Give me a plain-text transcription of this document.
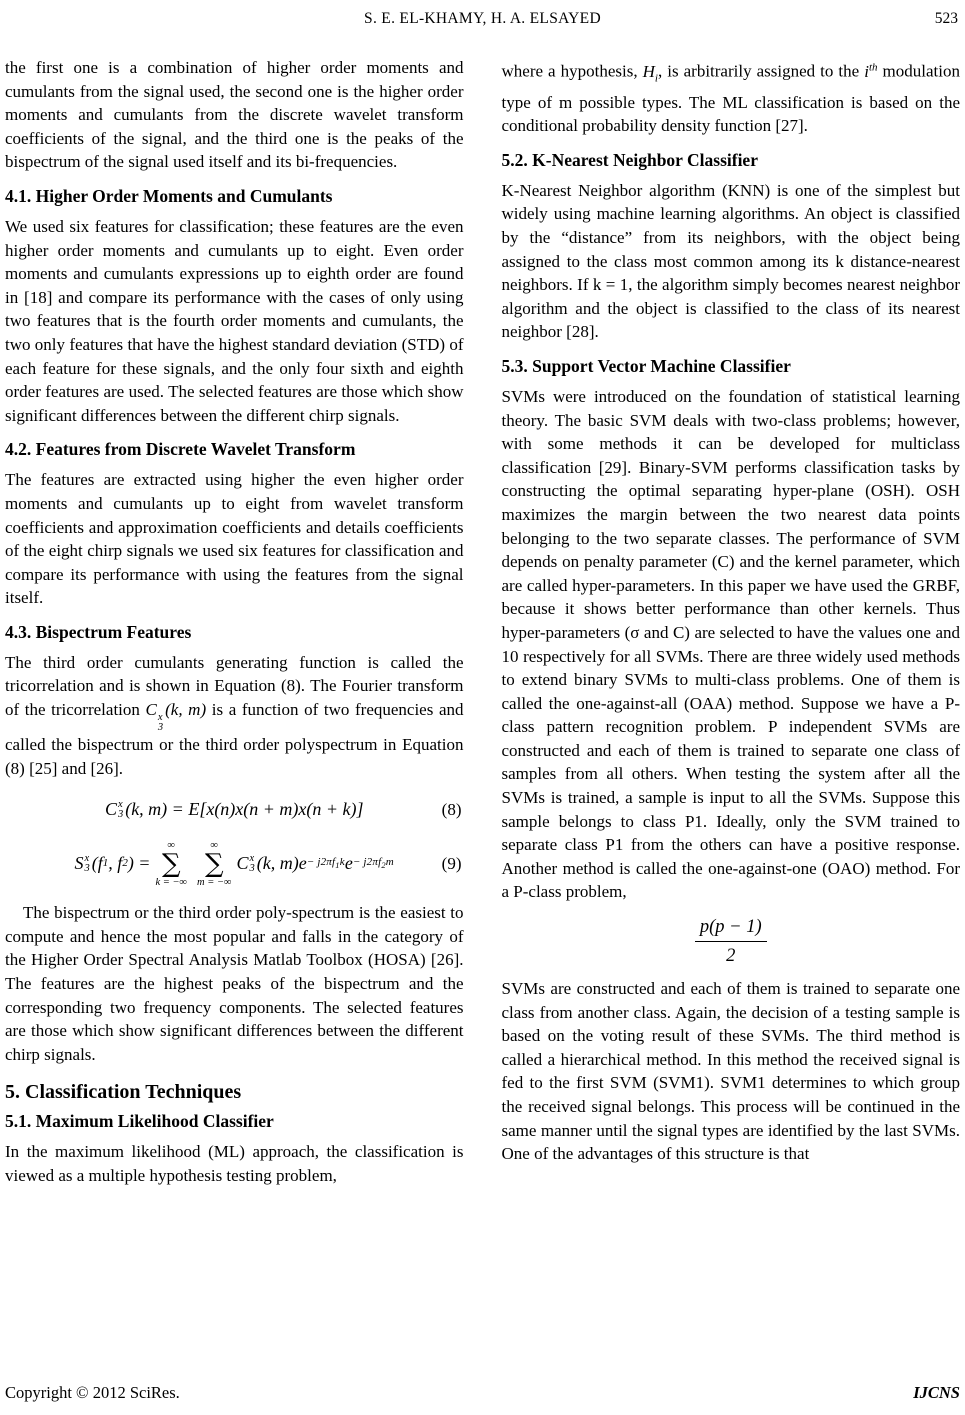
S. E. EL-KHAMY, H. A. ELSAYED	523

the first one is a combination of higher order moments and cumulants from the signal used, the second one is the higher order moments and cumulants from the discrete wavelet transform coefficients of the signal, and the third one is the peaks of the bispectrum of the signal used itself and its bi-frequencies.

4.1. Higher Order Moments and Cumulants

We used six features for classification; these features are the even higher order moments and cumulants up to eight. Even order moments and cumulants expressions up to eighth order are found in [18] and compare its performance with the cases of only using two features that is the fourth order moments and cumulants, the two only features that have the highest standard deviation (STD) of each feature for these signals, and the only four sixth and eighth order features are used. The selected features are those which show significant differences between the different chirp signals.

4.2. Features from Discrete Wavelet Transform

The features are extracted using higher the even higher order moments and cumulants up to eight from wavelet transform coefficients and approximation coefficients and details coefficients of the eight chirp signals we used six features for classification and compare its performance with using the features from the signal itself.

4.3. Bispectrum Features

The third order cumulants generating function is called the tricorrelation and is shown in Equation (8). The Fourier transform of the tricorrelation C x
3
(k, m) is a function of two frequencies and called the bispectrum or the third order polyspectrum in Equation (8) [25] and [26].

C x
3 (k, m) = E[x(n)x(n + m)x(n + k)]	(8)
S x
3 (f 1 , f 2 ) =
∞
∑
k = −∞
∞
∑
m = −∞
C x
3 (k, m) $e - j2\pi f_1k$ $e - j2\pi f_2m$	(9)

The bispectrum or the third order poly-spectrum is the easiest to compute and hence the most popular and falls in the category of the Higher Order Spectral Analysis Matlab Toolbox (HOSA) [26]. The features are the highest peaks of the bispectrum and the corresponding two frequency components. The selected features are those which show significant differences between the different chirp signals.

5. Classification Techniques
5.1. Maximum Likelihood Classifier

In the maximum likelihood (ML) approach, the classification is viewed as a multiple hypothesis testing problem,

where a hypothesis, $H_i$, is arbitrarily assigned to the $i^{th}$ modulation type of m possible types. The ML classification is based on the conditional probability density function [27].

5.2. K-Nearest Neighbor Classifier

K-Nearest Neighbor algorithm (KNN) is one of the simplest but widely using machine learning algorithms. An object is classified by the “distance” from its neighbors, with the object being assigned to the class most common among its k distance-nearest neighbors. If k = 1, the algorithm simply becomes nearest neighbor algorithm and the object is classified to the class of its nearest neighbor [28].

5.3. Support Vector Machine Classifier

SVMs were introduced on the foundation of statistical learning theory. The basic SVM deals with two-class problems; however, with some methods it can be developed for multiclass classification [29]. Binary-SVM performs classification tasks by constructing the optimal separating hyper-plane (OSH). OSH maximizes the margin between the two nearest data points belonging to the two separate classes. The performance of SVM depends on penalty parameter (C) and the kernel parameter, which are called hyper-parameters. In this paper we have used the GRBF, because it shows better performance than other kernels. Thus hyper-parameters (σ and C) are selected to have the values one and 10 respectively for all SVMs. There are three widely used methods to extend binary SVMs to multi-class problems. One of them is called the one-against-all (OAA) method. Suppose we have a P-class pattern recognition problem. P independent SVMs are constructed and each of them is trained to separate one class of samples from all others. When testing the system after all the SVMs is trained, a sample is input to all the SVMs. Suppose this sample belongs to class P1. Ideally, only the SVM trained to separate class P1 from the others can have a positive response. Another method is called the one-against-one (OAO) method. For a P-class problem,

$\frac{p(p - 1)}{2}$

SVMs are constructed and each of them is trained to separate one class from another class. Again, the decision of a testing sample is based on the voting result of these SVMs. The third method is called a hierarchical method. In this method the received signal is fed to the first SVM (SVM1). SVM1 determines to which group the received signal belongs. This process will be continued in the same manner until the signal types are identified by the last SVMs. One of the advantages of this structure is that

Copyright © 2012 SciRes.	IJCNS
